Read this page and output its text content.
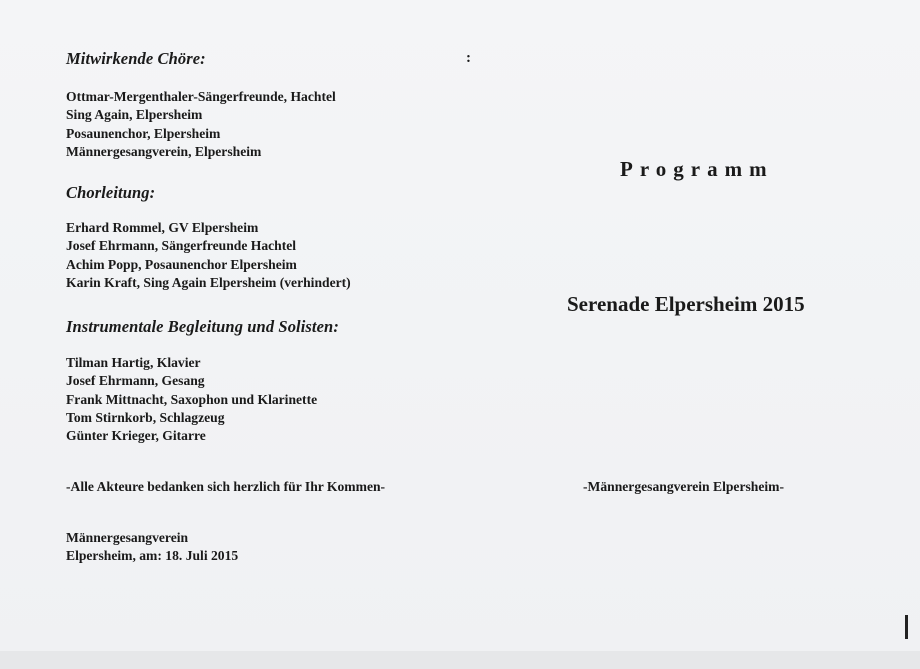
Mitwirkende Chöre:
Ottmar-Mergenthaler-Sängerfreunde, Hachtel
Sing Again, Elpersheim
Posaunenchor, Elpersheim
Männergesangverein, Elpersheim
Chorleitung:
Erhard Rommel, GV Elpersheim
Josef Ehrmann, Sängerfreunde Hachtel
Achim Popp, Posaunenchor Elpersheim
Karin Kraft, Sing Again Elpersheim (verhindert)
Instrumentale Begleitung und Solisten:
Tilman Hartig, Klavier
Josef Ehrmann, Gesang
Frank Mittnacht, Saxophon und Klarinette
Tom Stirnkorb, Schlagzeug
Günter Krieger, Gitarre
-Alle Akteure bedanken sich herzlich für Ihr Kommen-
Männergesangverein
Elpersheim, am: 18. Juli 2015
:
Programm
Serenade Elpersheim 2015
-Männergesangverein Elpersheim-
